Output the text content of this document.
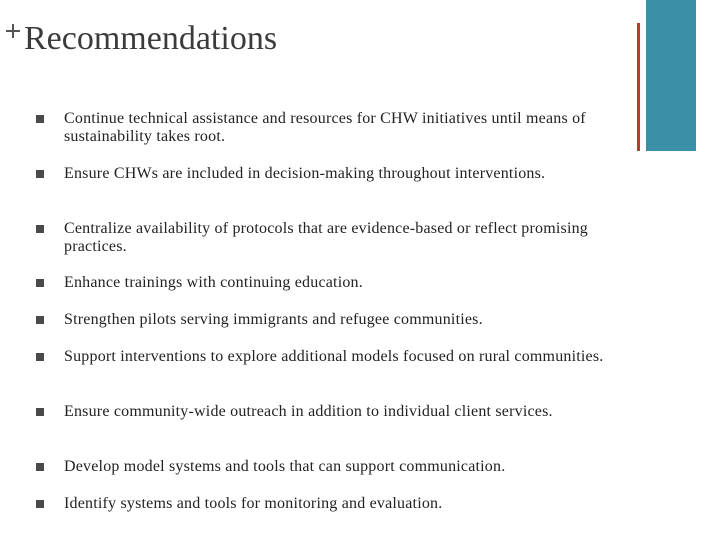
Recommendations
Continue technical assistance and resources for CHW initiatives until means of sustainability takes root.
Ensure CHWs are included in decision-making throughout interventions.
Centralize availability of protocols that are evidence-based or reflect promising practices.
Enhance trainings with continuing education.
Strengthen pilots serving immigrants and refugee communities.
Support interventions to explore additional models focused on rural communities.
Ensure community-wide outreach in addition to individual client services.
Develop model systems and tools that can support communication.
Identify systems and tools for monitoring and evaluation.
